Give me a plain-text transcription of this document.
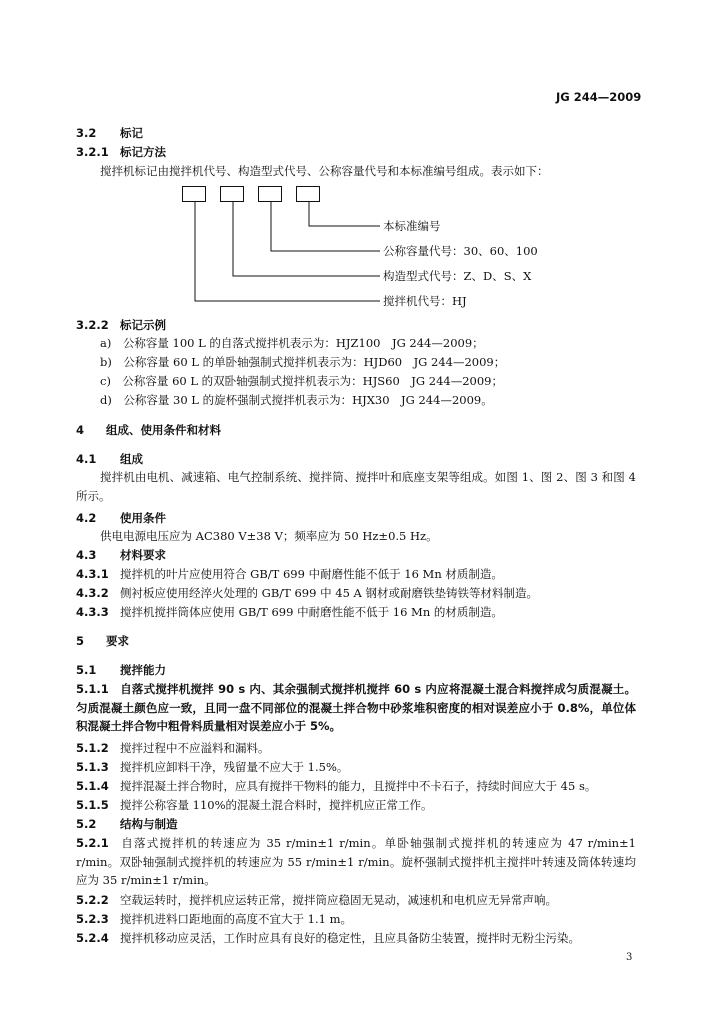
JG 244—2009
3.2 标记
3.2.1 标记方法
搅拌机标记由搅拌机代号、构造型式代号、公称容量代号和本标准编号组成。表示如下：
本标准编号
公称容量代号：30、60、100
构造型式代号：Z、D、S、X
搅拌机代号：HJ
3.2.2 标记示例
a)　公称容量 100 L 的自落式搅拌机表示为：HJZ100　JG 244—2009；
b)　公称容量 60 L 的单卧轴强制式搅拌机表示为：HJD60　JG 244—2009；
c)　公称容量 60 L 的双卧轴强制式搅拌机表示为：HJS60　JG 244—2009；
d)　公称容量 30 L 的旋杯强制式搅拌机表示为：HJX30　JG 244—2009。
4 组成、使用条件和材料
4.1 组成
搅拌机由电机、减速箱、电气控制系统、搅拌筒、搅拌叶和底座支架等组成。如图 1、图 2、图 3 和图 4所示。
4.2 使用条件
供电电源电压应为 AC380 V±38 V；频率应为 50 Hz±0.5 Hz。
4.3 材料要求
4.3.1 搅拌机的叶片应使用符合 GB/T 699 中耐磨性能不低于 16 Mn 材质制造。
4.3.2 侧衬板应使用经淬火处理的 GB/T 699 中 45 A 钢材或耐磨铁垫铸铁等材料制造。
4.3.3 搅拌机搅拌筒体应使用 GB/T 699 中耐磨性能不低于 16 Mn 的材质制造。
5 要求
5.1 搅拌能力
5.1.1 自落式搅拌机搅拌 90 s 内、其余强制式搅拌机搅拌 60 s 内应将混凝土混合料搅拌成匀质混凝土。匀质混凝土颜色应一致，且同一盘不同部位的混凝土拌合物中砂浆堆积密度的相对误差应小于 0.8%，单位体积混凝土拌合物中粗骨料质量相对误差应小于 5%。
5.1.2 搅拌过程中不应溢料和漏料。
5.1.3 搅拌机应卸料干净，残留量不应大于 1.5%。
5.1.4 搅拌混凝土拌合物时，应具有搅拌干物料的能力，且搅拌中不卡石子，持续时间应大于 45 s。
5.1.5 搅拌公称容量 110%的混凝土混合料时，搅拌机应正常工作。
5.2 结构与制造
5.2.1 自落式搅拌机的转速应为 35 r/min±1 r/min。单卧轴强制式搅拌机的转速应为 47 r/min±1 r/min。双卧轴强制式搅拌机的转速应为 55 r/min±1 r/min。旋杯强制式搅拌机主搅拌叶转速及筒体转速均应为 35 r/min±1 r/min。
5.2.2 空载运转时，搅拌机应运转正常，搅拌筒应稳固无晃动，减速机和电机应无异常声响。
5.2.3 搅拌机进料口距地面的高度不宜大于 1.1 m。
5.2.4 搅拌机移动应灵活，工作时应具有良好的稳定性，且应具备防尘装置，搅拌时无粉尘污染。
3
